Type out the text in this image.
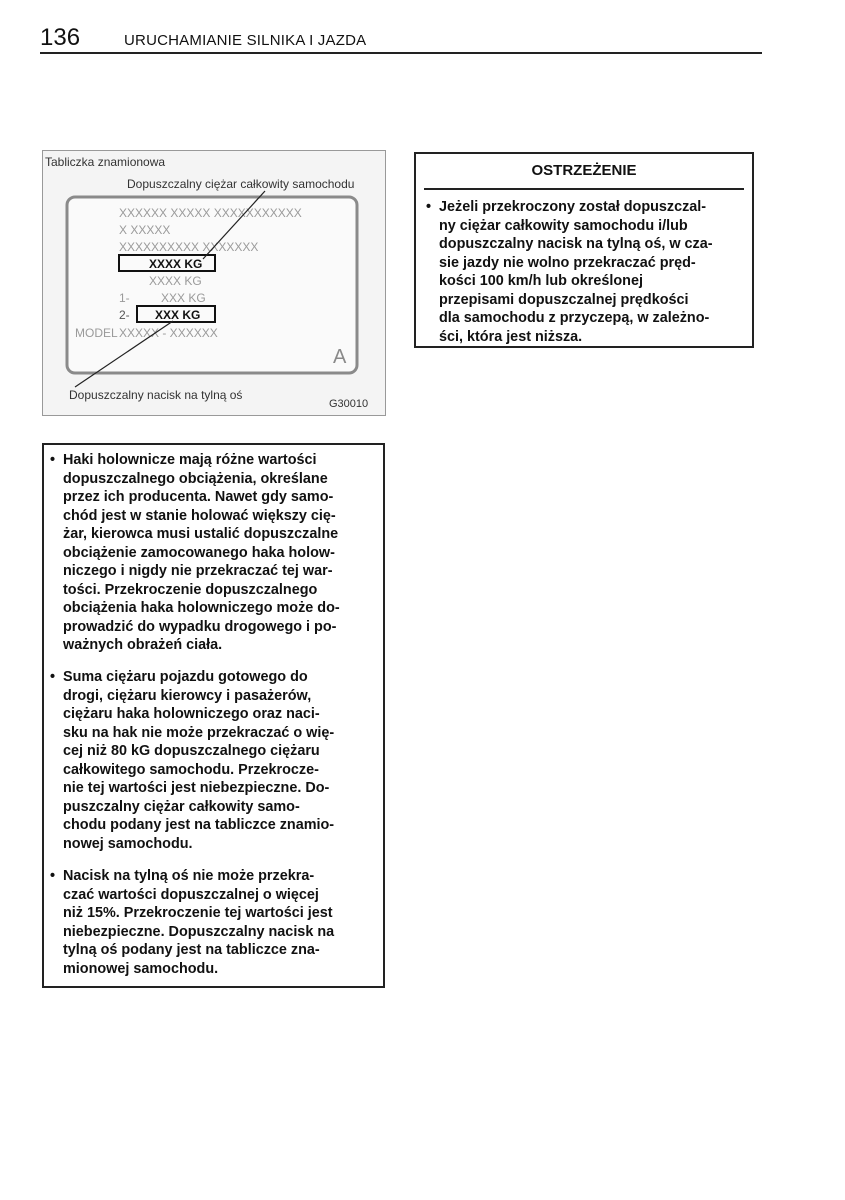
136	URUCHAMIANIE SILNIKA I JAZDA
Tabliczka znamionowa
Dopuszczalny ciężar całkowity samochodu
XXXXXX XXXXX XXXXXXXXXXX
X XXXXX
XXXXXXXXXX XXXXXXX
XXXX KG
XXXX KG
1-	XXX KG
2- XXX KG
MODEL XXXXX - XXXXXX
A
Dopuszczalny nacisk na tylną oś
G30010
OSTRZEŻENIE
• Jeżeli przekroczony został dopuszczal-
ny ciężar całkowity samochodu i/lub
dopuszczalny nacisk na tylną oś, w cza-
sie jazdy nie wolno przekraczać pręd-
kości 100 km/h lub określonej
przepisami dopuszczalnej prędkości
dla samochodu z przyczepą, w zależno-
ści, która jest niższa.
• Haki holownicze mają różne wartości
dopuszczalnego obciążenia, określane
przez ich producenta. Nawet gdy samo-
chód jest w stanie holować większy cię-
żar, kierowca musi ustalić dopuszczalne
obciążenie zamocowanego haka holow-
niczego i nigdy nie przekraczać tej war-
tości. Przekroczenie dopuszczalnego
obciążenia haka holowniczego może do-
prowadzić do wypadku drogowego i po-
ważnych obrażeń ciała.
• Suma ciężaru pojazdu gotowego do
drogi, ciężaru kierowcy i pasażerów,
ciężaru haka holowniczego oraz naci-
sku na hak nie może przekraczać o wię-
cej niż 80 kG dopuszczalnego ciężaru
całkowitego samochodu. Przekrocze-
nie tej wartości jest niebezpieczne. Do-
puszczalny ciężar całkowity samo-
chodu podany jest na tabliczce znamio-
nowej samochodu.
• Nacisk na tylną oś nie może przekra-
czać wartości dopuszczalnej o więcej
niż 15%. Przekroczenie tej wartości jest
niebezpieczne. Dopuszczalny nacisk na
tylną oś podany jest na tabliczce zna-
mionowej samochodu.
